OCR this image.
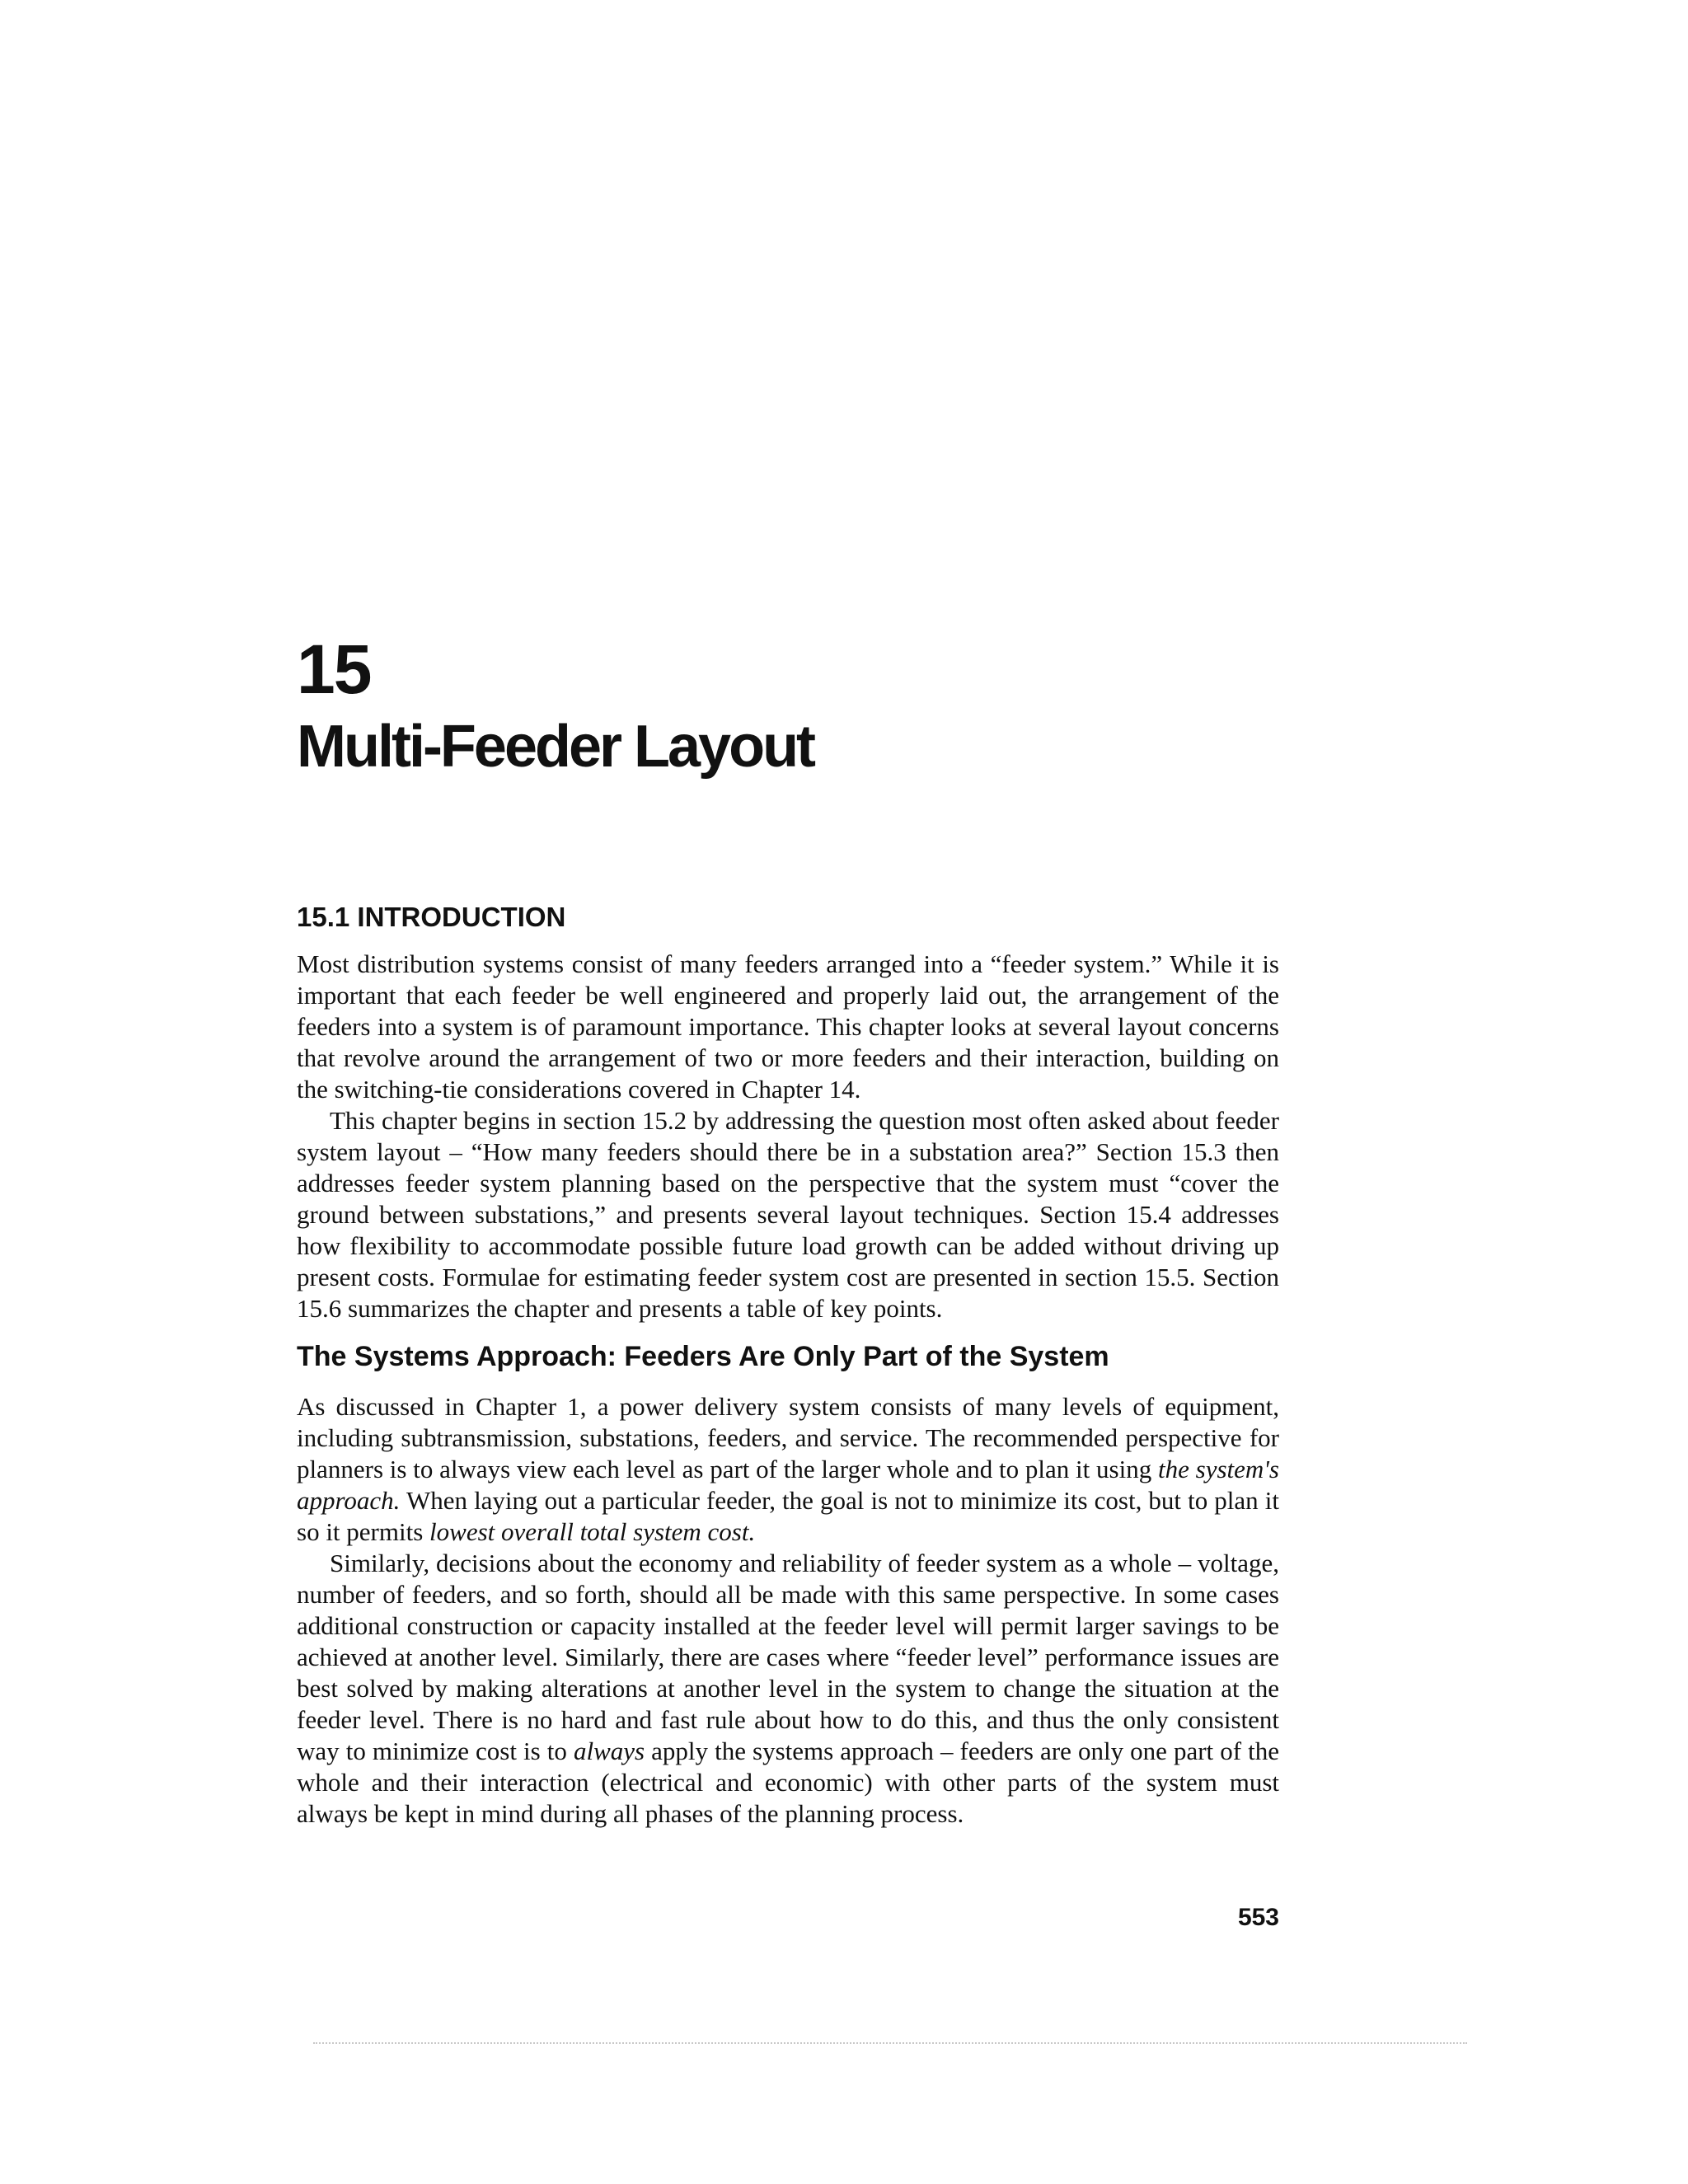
15
Multi-Feeder Layout
15.1 INTRODUCTION

Most distribution systems consist of many feeders arranged into a “feeder system.” While it is important that each feeder be well engineered and properly laid out, the arrangement of the feeders into a system is of paramount importance. This chapter looks at several layout concerns that revolve around the arrangement of two or more feeders and their interaction, building on the switching-tie considerations covered in Chapter 14.

This chapter begins in section 15.2 by addressing the question most often asked about feeder system layout – “How many feeders should there be in a substation area?” Section 15.3 then addresses feeder system planning based on the perspective that the system must “cover the ground between substations,” and presents several layout techniques. Section 15.4 addresses how flexibility to accommodate possible future load growth can be added without driving up present costs. Formulae for estimating feeder system cost are presented in section 15.5. Section 15.6 summarizes the chapter and presents a table of key points.

The Systems Approach: Feeders Are Only Part of the System

As discussed in Chapter 1, a power delivery system consists of many levels of equipment, including subtransmission, substations, feeders, and service. The recommended perspective for planners is to always view each level as part of the larger whole and to plan it using the system's approach. When laying out a particular feeder, the goal is not to minimize its cost, but to plan it so it permits lowest overall total system cost.

Similarly, decisions about the economy and reliability of feeder system as a whole – voltage, number of feeders, and so forth, should all be made with this same perspective. In some cases additional construction or capacity installed at the feeder level will permit larger savings to be achieved at another level. Similarly, there are cases where “feeder level” performance issues are best solved by making alterations at another level in the system to change the situation at the feeder level. There is no hard and fast rule about how to do this, and thus the only consistent way to minimize cost is to always apply the systems approach – feeders are only one part of the whole and their interaction (electrical and economic) with other parts of the system must always be kept in mind during all phases of the planning process.

553
